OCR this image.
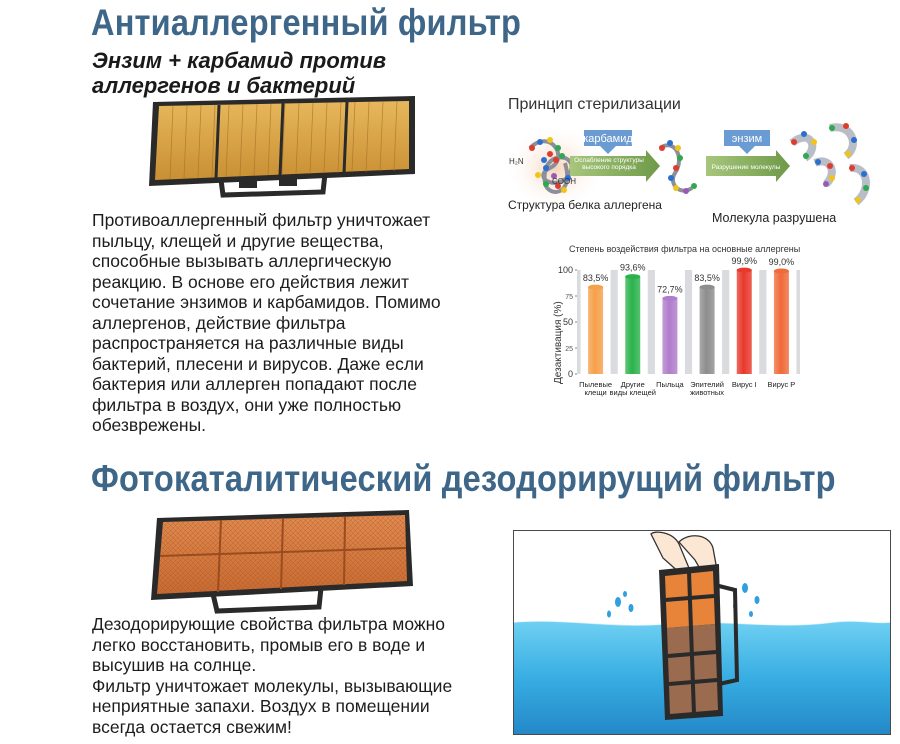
Антиаллергенный фильтр
Энзим + карбамид против
аллергенов и бактерий
Противоаллергенный фильтр уничтожает
пыльцу, клещей и другие вещества,
способные вызывать аллергическую
реакцию. В основе его действия лежит
сочетание энзимов и карбамидов. Помимо
аллергенов, действие фильтра
распространяется на различные виды
бактерий, плесени и вирусов. Даже если
бактерия или аллерген попадают после
фильтра в воздух, они уже полностью
обезврежены.
Принцип стерилизации
H₂N
COOH
карбамид
Ослабление структуры высокого порядка
энзим
Разрушение молекулы
Структура белка аллергена
Молекула разрушена
Степень воздействия фильтра на основные аллергены
83,5%
93,6%
72,7%
83,5%
99,9% 99,0%
Пылевые
клещи
Другие
виды клещей
Пыльца Эпителий
животных
Вирус I Вирус P
0
50
100
25
75
Дезактивация (%)
Фотокаталитический дезодорирущий фильтр
Дезодорирующие свойства фильтра можно
легко восстановить, промыв его в воде и
высушив на солнце.
Фильтр уничтожает молекулы, вызывающие
неприятные запахи. Воздух в помещении
всегда остается свежим!
